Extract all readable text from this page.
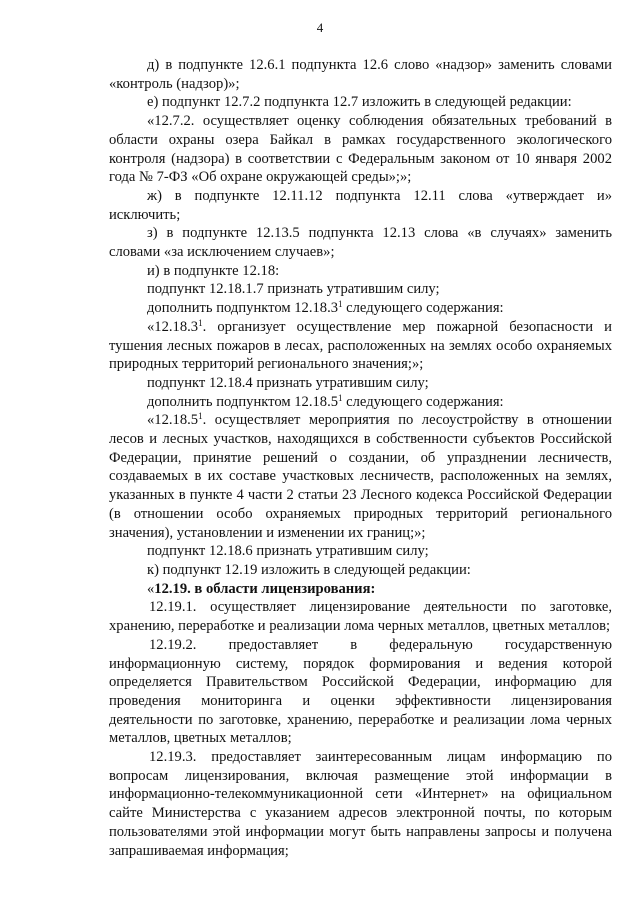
4

д) в подпункте 12.6.1 подпункта 12.6 слово «надзор» заменить словами «контроль (надзор)»;

е) подпункт 12.7.2 подпункта 12.7 изложить в следующей редакции:

«12.7.2. осуществляет оценку соблюдения обязательных требований в области охраны озера Байкал в рамках государственного экологического контроля (надзора) в соответствии с Федеральным законом от 10 января 2002 года № 7-ФЗ «Об охране окружающей среды»;»;

ж) в подпункте 12.11.12 подпункта 12.11 слова «утверждает и» исключить;

з) в подпункте 12.13.5 подпункта 12.13 слова «в случаях» заменить словами «за исключением случаев»;

и) в подпункте 12.18:

подпункт 12.18.1.7 признать утратившим силу;

дополнить подпунктом 12.18.3$^1$ следующего содержания:

«12.18.3$^1$. организует осуществление мер пожарной безопасности и тушения лесных пожаров в лесах, расположенных на землях особо охраняемых природных территорий регионального значения;»;

подпункт 12.18.4 признать утратившим силу;

дополнить подпунктом 12.18.5$^1$ следующего содержания:

«12.18.5$^1$. осуществляет мероприятия по лесоустройству в отношении лесов и лесных участков, находящихся в собственности субъектов Российской Федерации, принятие решений о создании, об упразднении лесничеств, создаваемых в их составе участковых лесничеств, расположенных на землях, указанных в пункте 4 части 2 статьи 23 Лесного кодекса Российской Федерации (в отношении особо охраняемых природных территорий регионального значения), установлении и изменении их границ;»;

подпункт 12.18.6 признать утратившим силу;

к) подпункт 12.19 изложить в следующей редакции:

«12.19. в области лицензирования:

12.19.1. осуществляет лицензирование деятельности по заготовке, хранению, переработке и реализации лома черных металлов, цветных металлов;

12.19.2. предоставляет в федеральную государственную информационную систему, порядок формирования и ведения которой определяется Правительством Российской Федерации, информацию для проведения мониторинга и оценки эффективности лицензирования деятельности по заготовке, хранению, переработке и реализации лома черных металлов, цветных металлов;

12.19.3. предоставляет заинтересованным лицам информацию по вопросам лицензирования, включая размещение этой информации в информационно-телекоммуникационной сети «Интернет» на официальном сайте Министерства с указанием адресов электронной почты, по которым пользователями этой информации могут быть направлены запросы и получена запрашиваемая информация;
